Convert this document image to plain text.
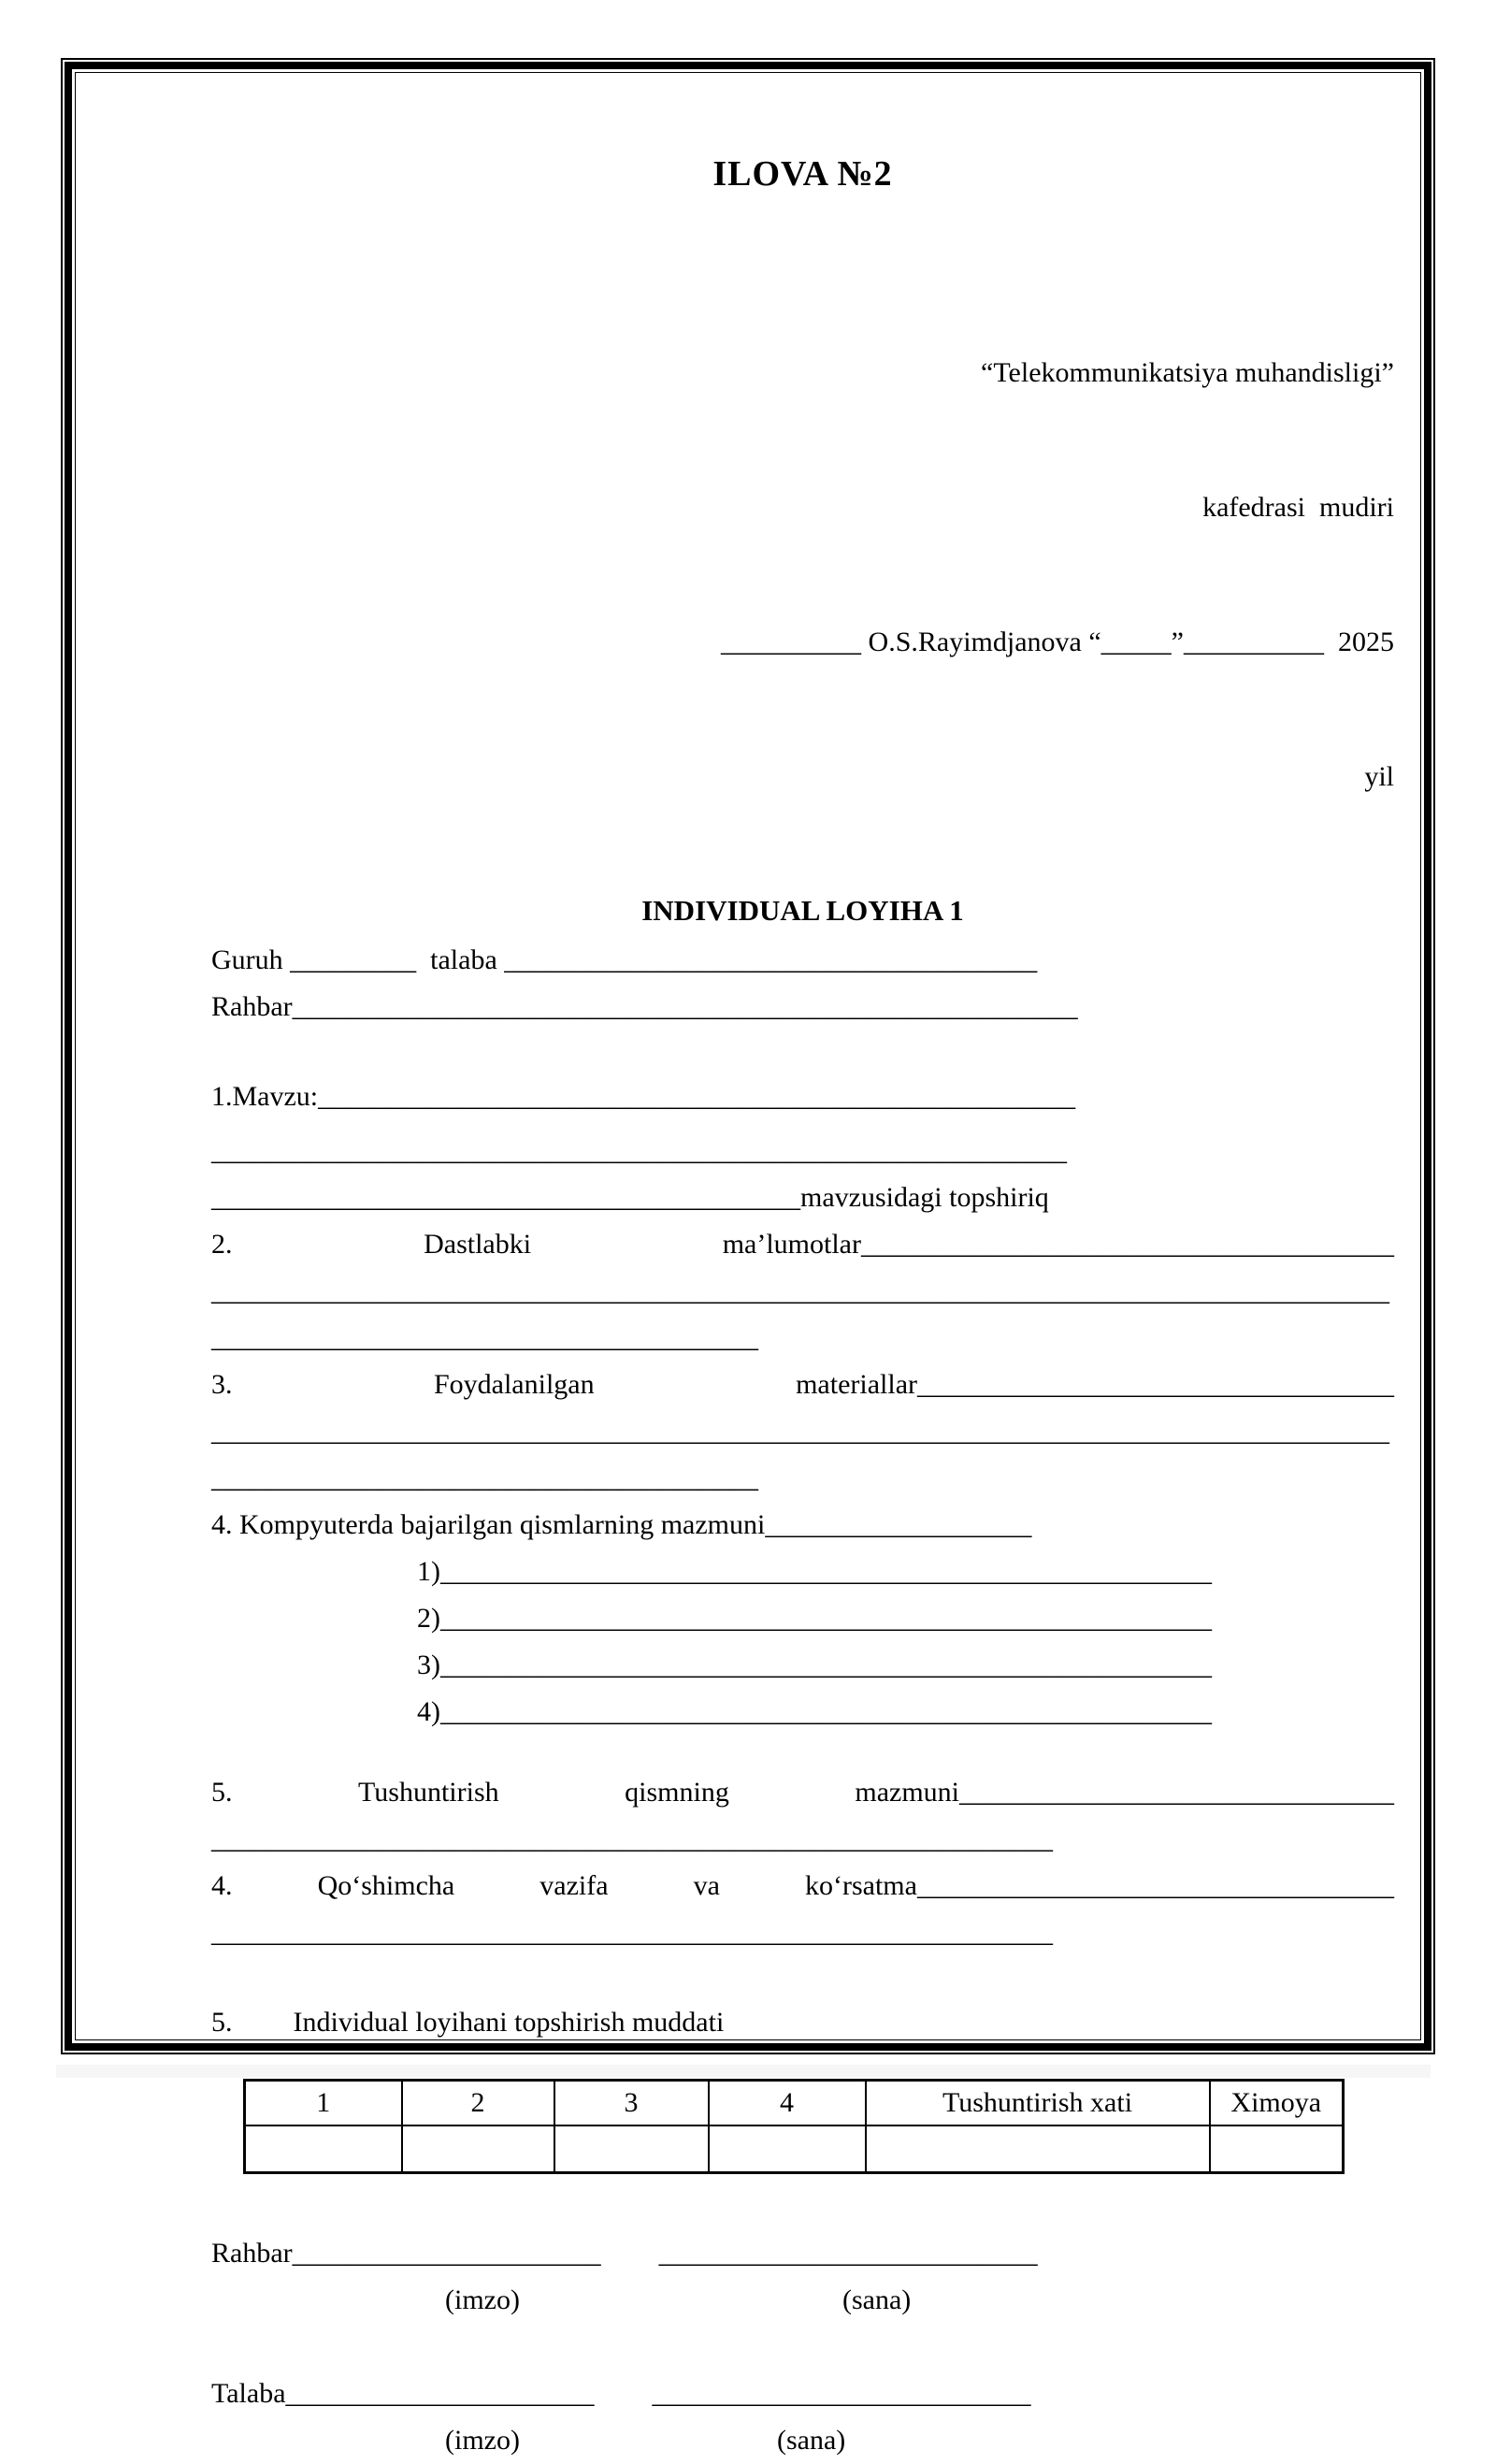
ILOVA №2

“Telekommunikatsiya muhandisligi”

kafedrasi  mudiri

__________ O.S.Rayimdjanova “_____”__________  2025

yil

INDIVIDUAL LOYIHA 1
Guruh _________  talaba ______________________________________
Rahbar________________________________________________________
1.Mavzu:______________________________________________________
_____________________________________________________________
__________________________________________mavzusidagi topshiriq
2.	Dastlabki	ma’lumotlar______________________________________
____________________________________________________________________________________
_______________________________________
3.	Foydalanilgan	materiallar__________________________________
____________________________________________________________________________________
_______________________________________
4. Kompyuterda bajarilgan qismlarning mazmuni___________________
1)_______________________________________________________
2)_______________________________________________________
3)_______________________________________________________
4)_______________________________________________________
5.	Tushuntirish	qismning	mazmuni_______________________________
____________________________________________________________
4.	Qoʻshimcha	vazifa	va	koʻrsatma__________________________________
____________________________________________________________
5. Individual loyihani topshirish muddati
1	2	3	4	Tushuntirish xati	Ximoya

Rahbar ______________________ ___________________________
(imzo)	(sana)
Talaba ______________________ ___________________________
(imzo)	(sana)
